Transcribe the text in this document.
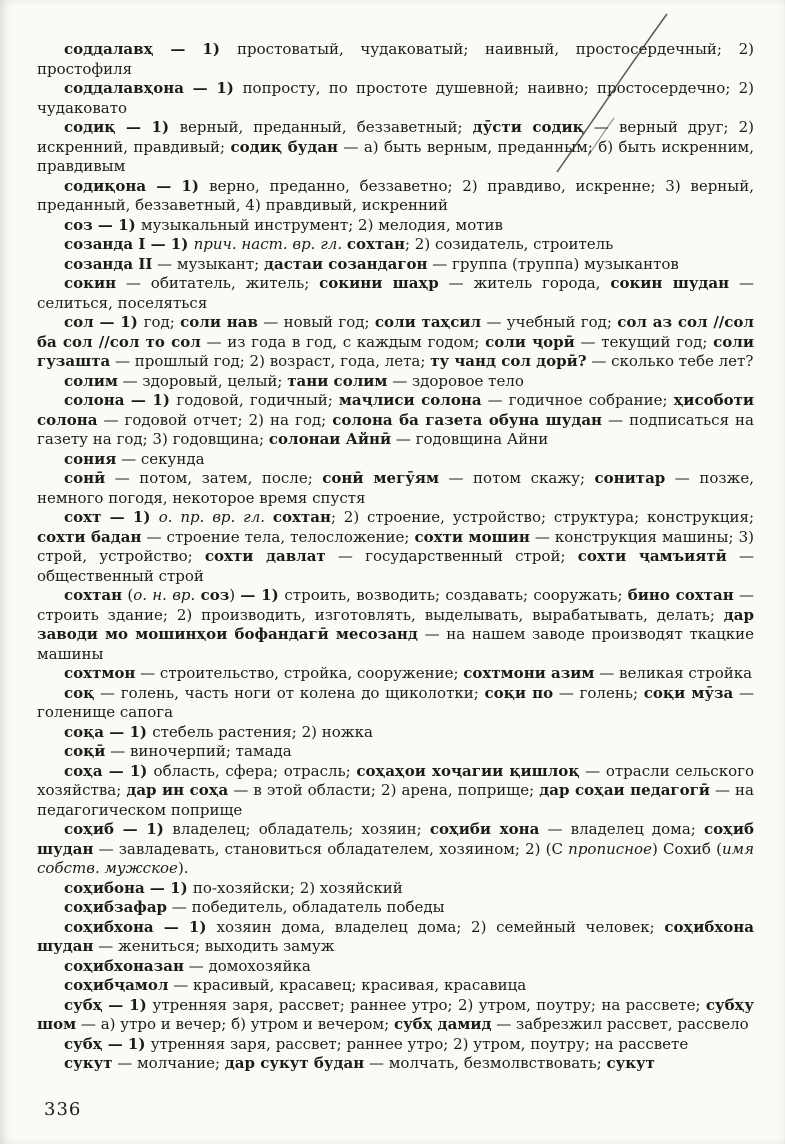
соддалавҳ — 1) простоватый, чудаковатый; наивный, простосердечный; 2) простофиля

соддалавҳона — 1) попросту, по простоте душевной; наивно; простосердечно; 2) чудаковато

содиқ — 1) верный, преданный, беззаветный; дӯсти содиқ — верный друг; 2) искренний, правдивый; содиқ будан — а) быть верным, преданным; б) быть искренним, правдивым

содиқона — 1) верно, преданно, беззаветно; 2) правдиво, искренне; 3) верный, преданный, беззаветный, 4) правдивый, искренний

соз — 1) музыкальный инструмент; 2) мелодия, мотив

созанда I — 1) прич. наст. вр. гл. сохтан; 2) созидатель, строитель

созанда II — музыкант; дастаи созандагон — группа (труппа) музыкантов

сокин — обитатель, житель; сокини шаҳр — житель города, сокин шудан — селиться, поселяться

сол — 1) год; соли нав — новый год; соли таҳсил — учебный год; сол аз сол //сол ба сол //сол то сол — из года в год, с каждым годом; соли ҷорӣ — текущий год; соли гузашта — прошлый год; 2) возраст, года, лета; ту чанд сол дорӣ? — сколько тебе лет?

солим — здоровый, целый; тани солим — здоровое тело

солона — 1) годовой, годичный; маҷлиси солона — годичное собрание; ҳисоботи солона — годовой отчет; 2) на год; солона ба газета обуна шудан — подписаться на газету на год; 3) годовщина; солонаи Айнӣ — годовщина Айни

сония — секунда

сонӣ — потом, затем, после; сонӣ мегӯям — потом скажу; сонитар — позже, немного погодя, некоторое время спустя

сохт — 1) о. пр. вр. гл. сохтан; 2) строение, устройство; структура; конструкция; сохти бадан — строение тела, телосложение; сохти мошин — конструкция машины; 3) строй, устройство; сохти давлат — государственный строй; сохти ҷамъиятӣ — общественный строй

сохтан (о. н. вр. соз) — 1) строить, возводить; создавать; сооружать; бино сохтан — строить здание; 2) производить, изготовлять, выделывать, вырабатывать, делать; дар заводи мо мошинҳои бофандагӣ месозанд — на нашем заводе производят ткацкие машины

сохтмон — строительство, стройка, сооружение; сохтмони азим — великая стройка

соқ — голень, часть ноги от колена до щиколотки; соқи по — голень; соқи мӯза — голенище сапога

соқа — 1) стебель растения; 2) ножка

соқӣ — виночерпий; тамада

соҳа — 1) область, сфера; отрасль; соҳаҳои хоҷагии қишлоқ — отрасли сельского хозяйства; дар ин соҳа — в этой области; 2) арена, поприще; дар соҳаи педагогӣ — на педагогическом поприще

соҳиб — 1) владелец; обладатель; хозяин; соҳиби хона — владелец дома; соҳиб шудан — завладевать, становиться обладателем, хозяином; 2) (С прописное) Сохиб (имя собств. мужское).

соҳибона — 1) по-хозяйски; 2) хозяйский

соҳибзафар — победитель, обладатель победы

соҳибхона — 1) хозяин дома, владелец дома; 2) семейный человек; соҳибхона шудан — жениться; выходить замуж

соҳибхоназан — домохозяйка

соҳибҷамол — красивый, красавец; красивая, красавица

субҳ — 1) утренняя заря, рассвет; раннее утро; 2) утром, поутру; на рассвете; субҳу шом — а) утро и вечер; б) утром и вечером; субҳ дамид — забрезжил рассвет, рассвело

субҳ — 1) утренняя заря, рассвет; раннее утро; 2) утром, поутру; на рассвете

сукут — молчание; дар сукут будан — молчать, безмолвствовать; сукут

336
